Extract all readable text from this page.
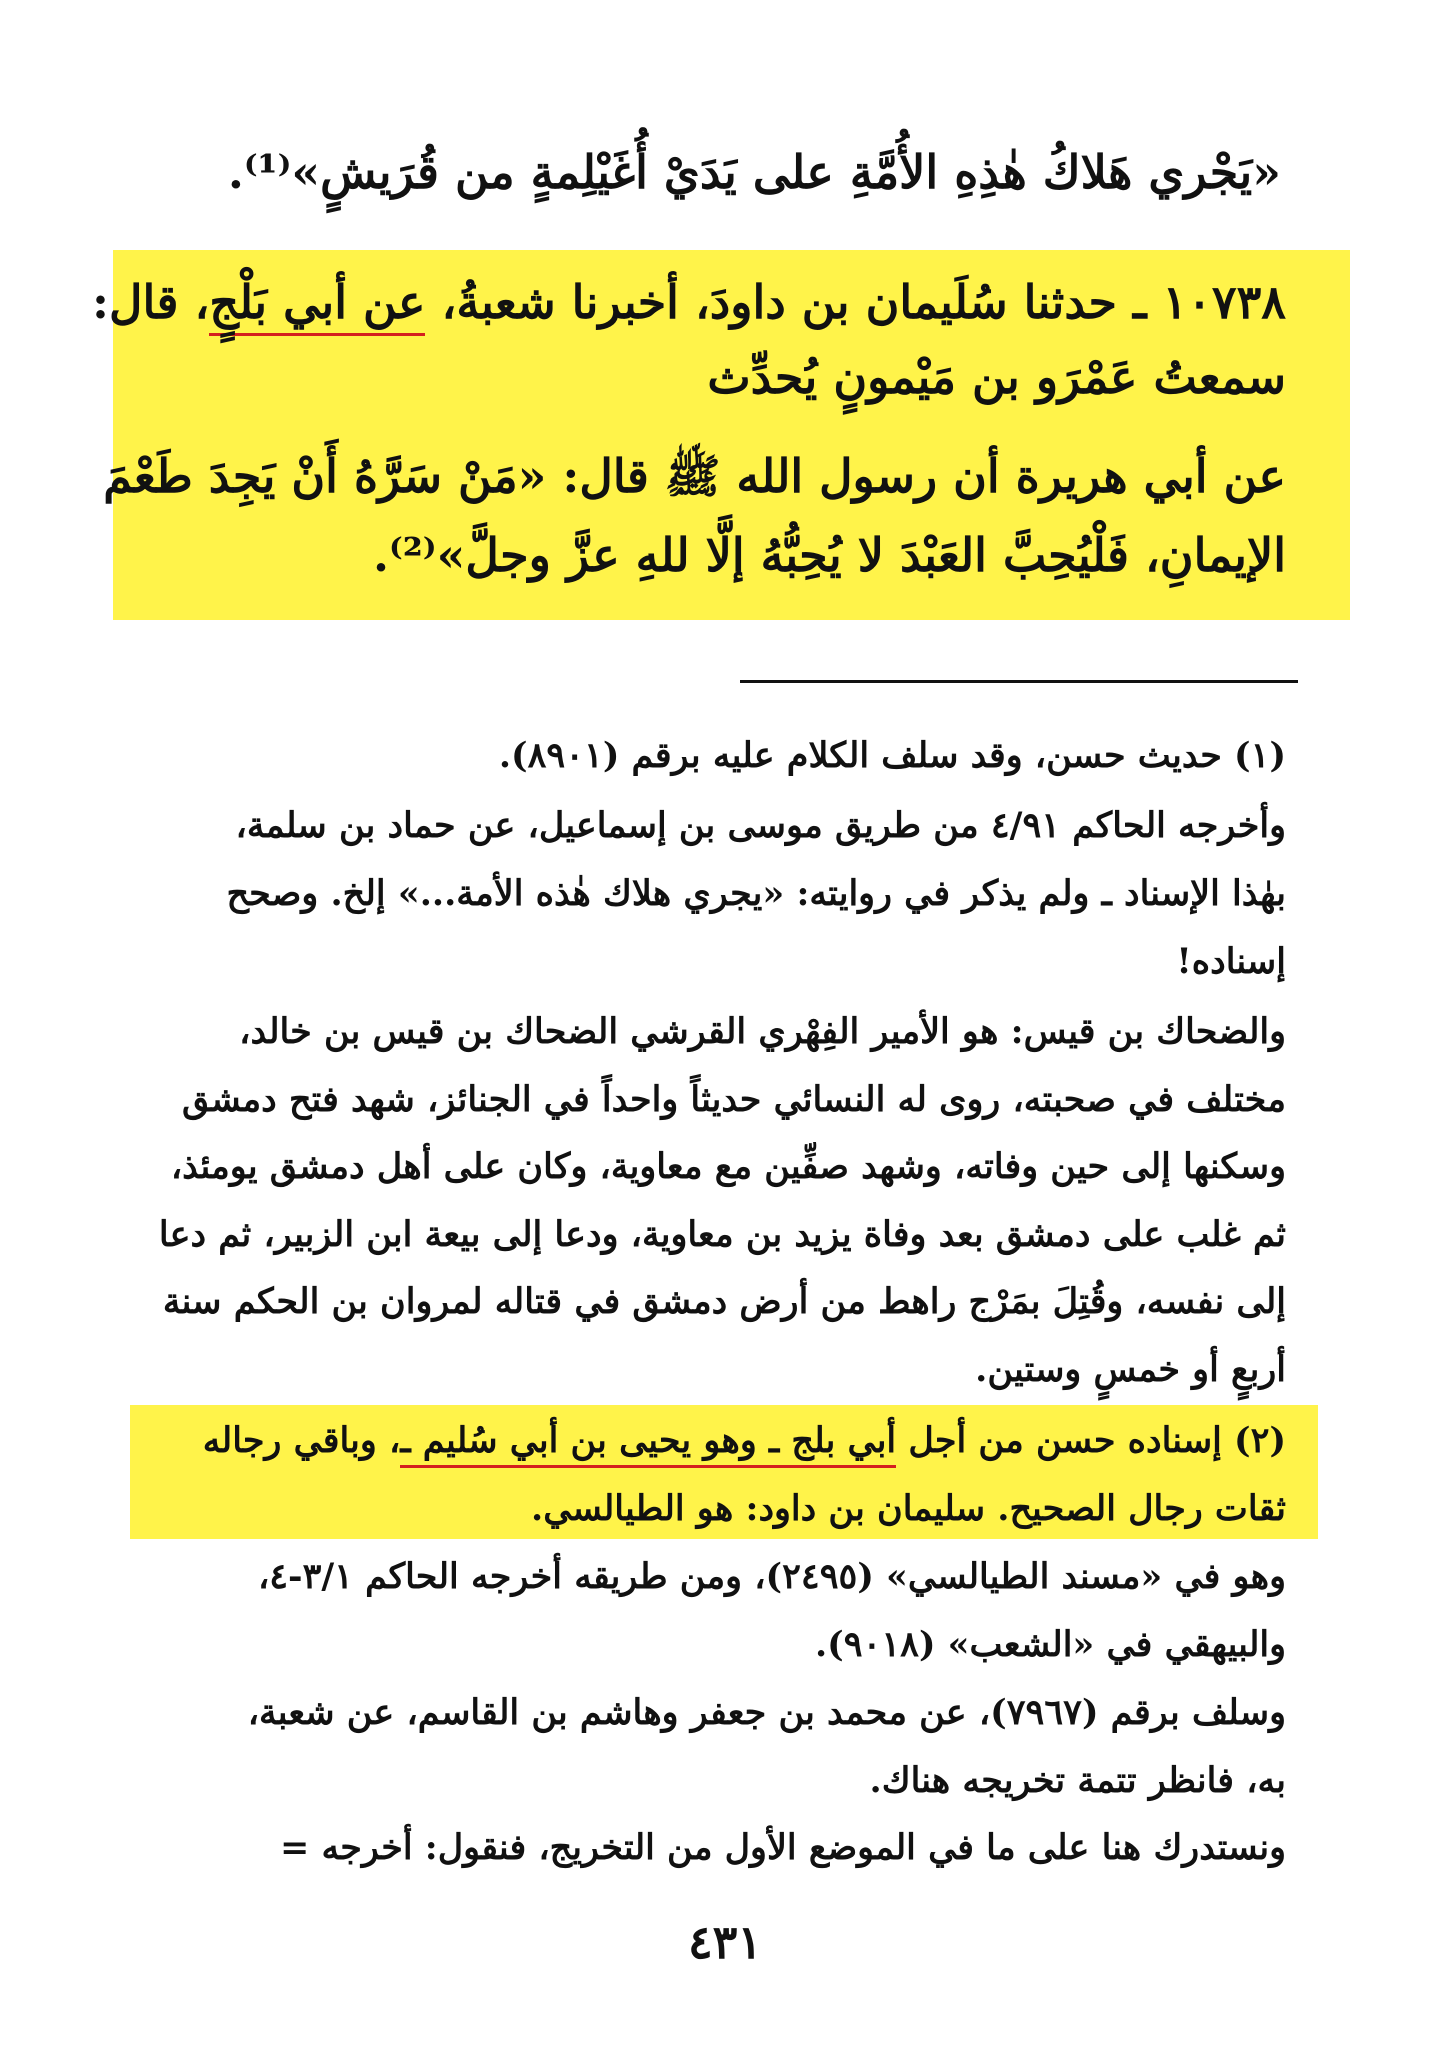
«يَجْري هَلاكُ هٰذِهِ الأُمَّةِ على يَدَيْ أُغَيْلِمةٍ من قُرَيشٍ»⁽¹⁾.
١٠٧٣٨ ـ حدثنا سُلَيمان بن داودَ، أخبرنا شعبةُ، عن أبي بَلْجٍ، قال:
سمعتُ عَمْرَو بن مَيْمونٍ يُحدِّث
عن أبي هريرة أن رسول الله ﷺ قال: «مَنْ سَرَّهُ أَنْ يَجِدَ طَعْمَ
الإيمانِ، فَلْيُحِبَّ العَبْدَ لا يُحِبُّهُ إلَّا للهِ عزَّ وجلَّ»⁽²⁾.
(١) حديث حسن، وقد سلف الكلام عليه برقم (٨٩٠١).
وأخرجه الحاكم ٤/٩١ من طريق موسى بن إسماعيل، عن حماد بن سلمة،
بهٰذا الإسناد ـ ولم يذكر في روايته: «يجري هلاك هٰذه الأمة...» إلخ. وصحح
إسناده!
والضحاك بن قيس: هو الأمير الفِهْري القرشي الضحاك بن قيس بن خالد،
مختلف في صحبته، روى له النسائي حديثاً واحداً في الجنائز، شهد فتح دمشق
وسكنها إلى حين وفاته، وشهد صفِّين مع معاوية، وكان على أهل دمشق يومئذ،
ثم غلب على دمشق بعد وفاة يزيد بن معاوية، ودعا إلى بيعة ابن الزبير، ثم دعا
إلى نفسه، وقُتِلَ بمَرْج راهط من أرض دمشق في قتاله لمروان بن الحكم سنة
أربعٍ أو خمسٍ وستين.
(٢) إسناده حسن من أجل أبي بلج ـ وهو يحيى بن أبي سُليم ـ، وباقي رجاله
ثقات رجال الصحيح. سليمان بن داود: هو الطيالسي.
وهو في «مسند الطيالسي» (٢٤٩٥)، ومن طريقه أخرجه الحاكم ٣/١-٤،
والبيهقي في «الشعب» (٩٠١٨).
وسلف برقم (٧٩٦٧)، عن محمد بن جعفر وهاشم بن القاسم، عن شعبة،
به، فانظر تتمة تخريجه هناك.
ونستدرك هنا على ما في الموضع الأول من التخريج، فنقول: أخرجه =
٤٣١
